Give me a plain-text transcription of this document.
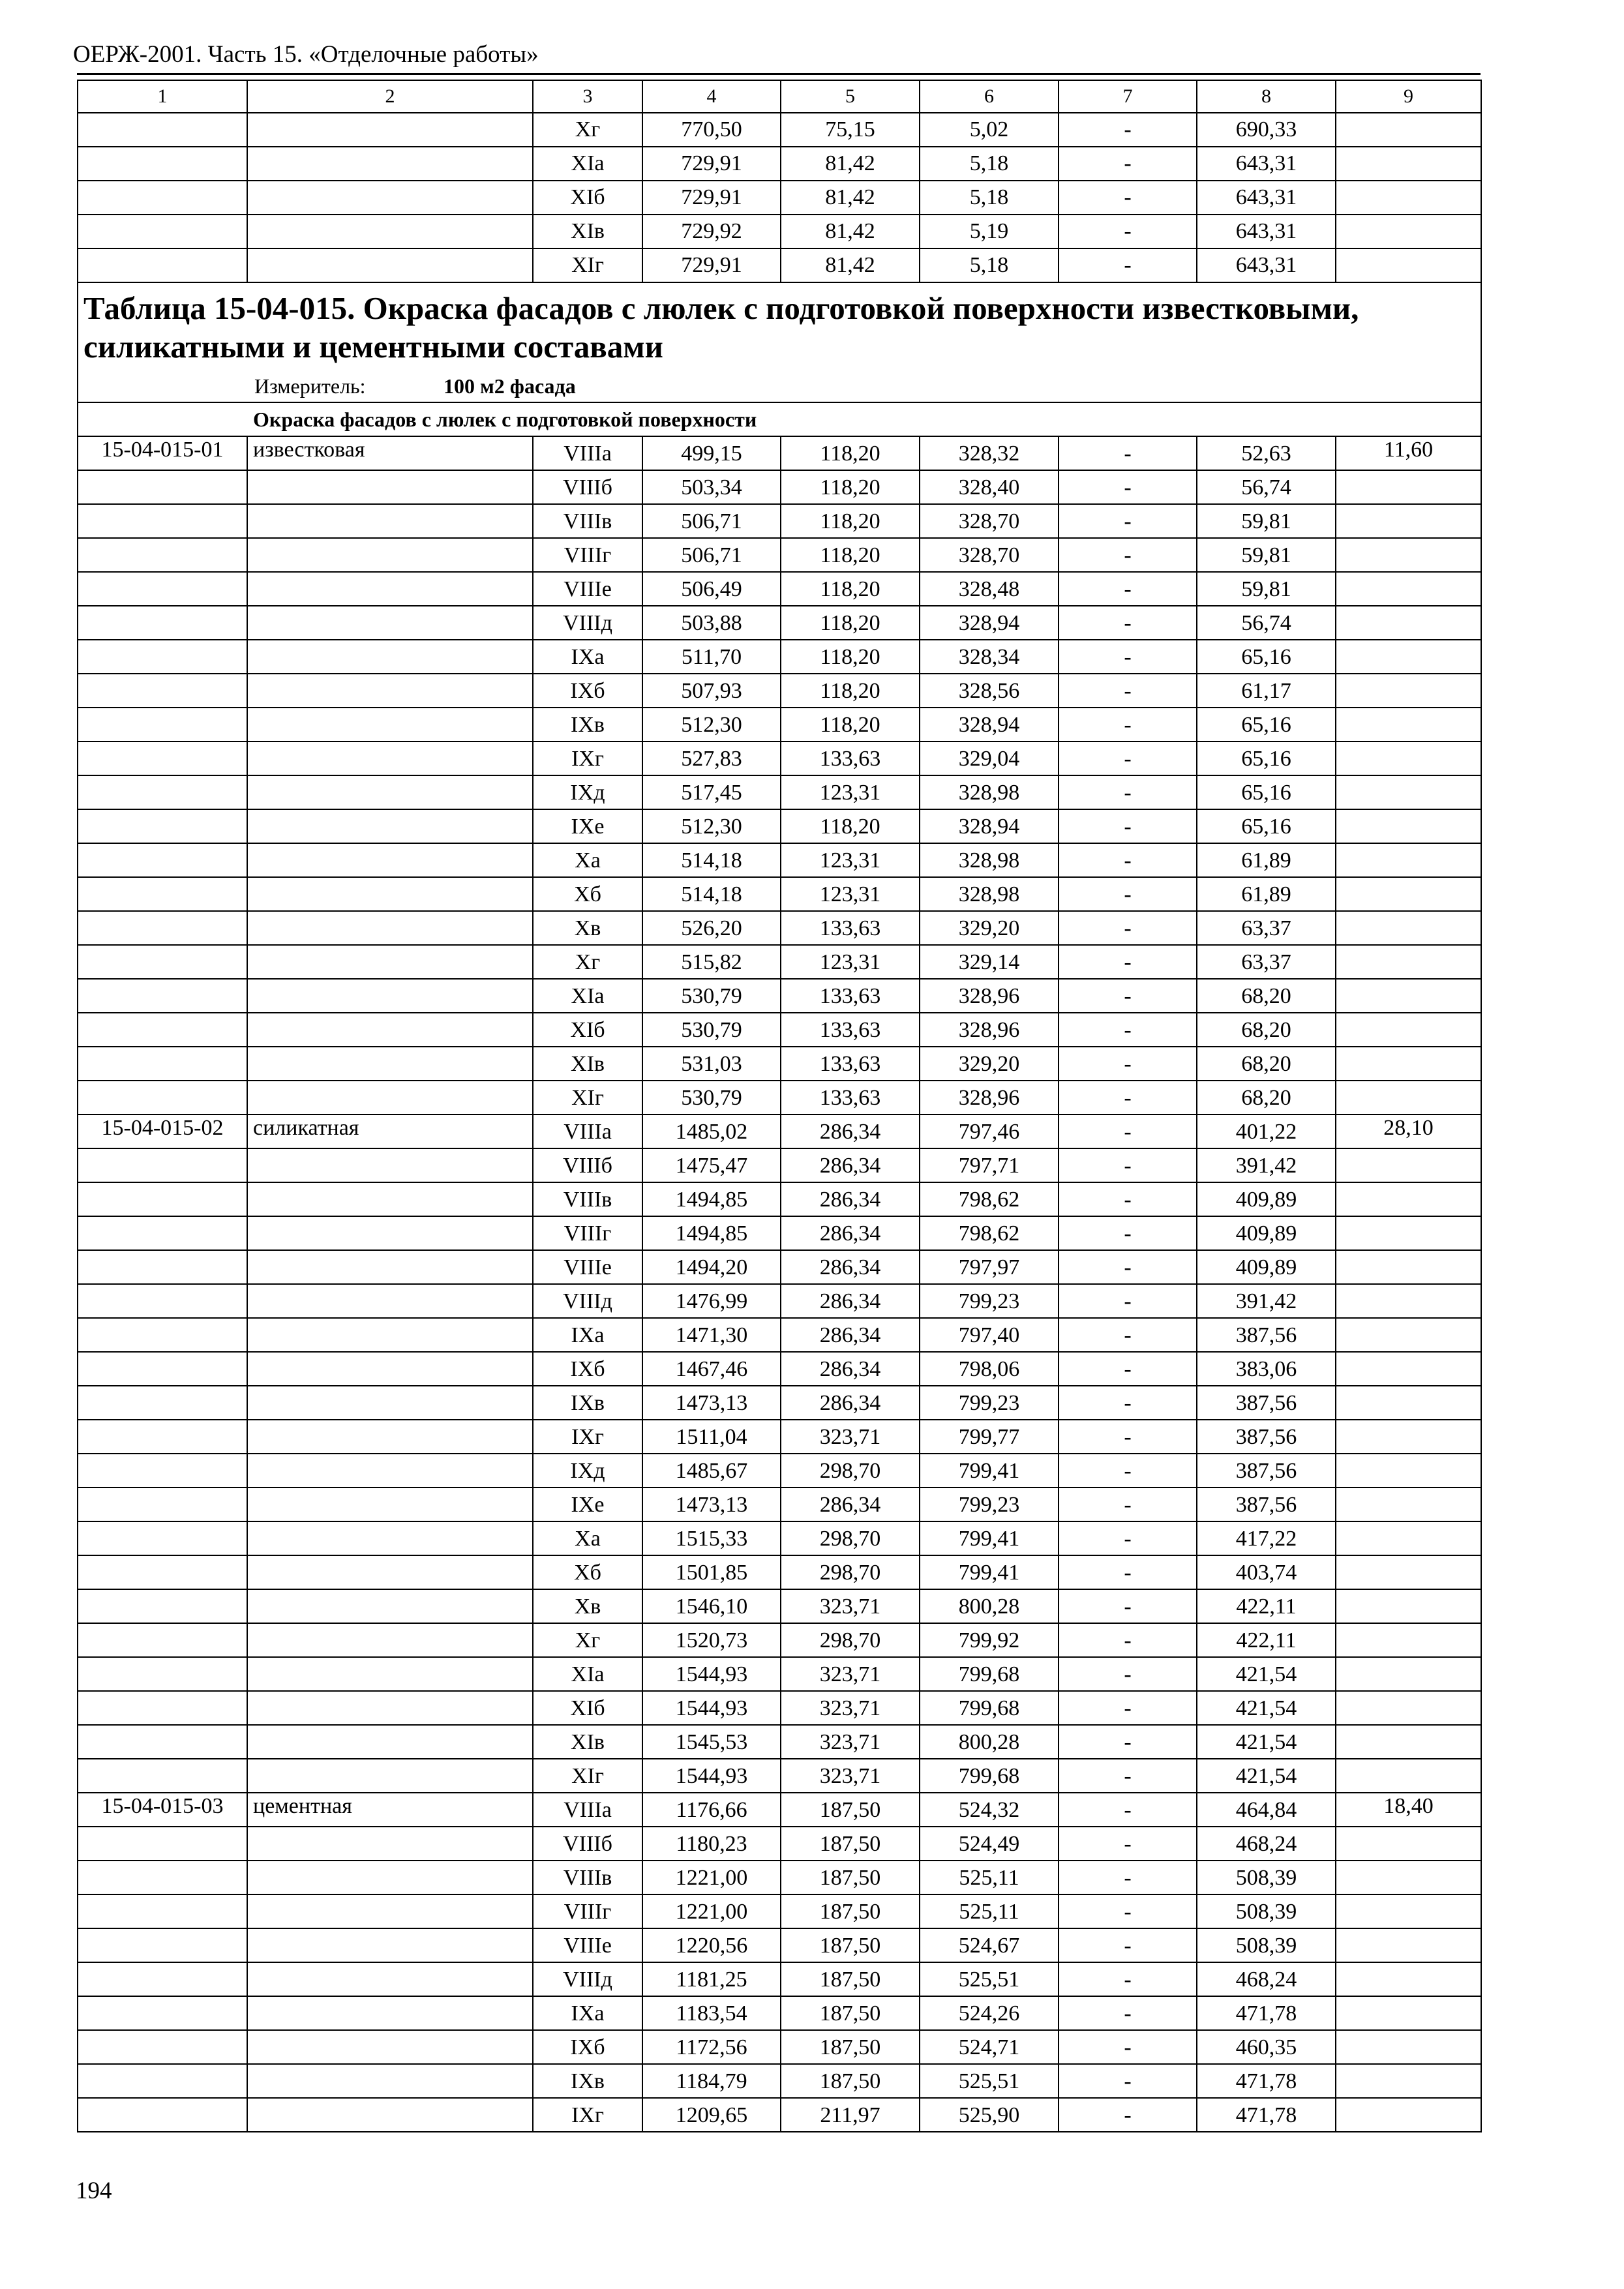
ОЕРЖ-2001. Часть 15. «Отделочные работы»
1	2	3	4	5	6	7	8	9
		Xг	770,50	75,15	5,02	-	690,33	
		XIа	729,91	81,42	5,18	-	643,31	
		XIб	729,91	81,42	5,18	-	643,31	
		XIв	729,92	81,42	5,19	-	643,31	
		XIг	729,91	81,42	5,18	-	643,31	

Таблица 15-04-015. Окраска фасадов с люлек с подготовкой поверхности известковыми, силикатными и цементными составами
Измеритель: 100 м2 фасада								

Окраска фасадов с люлек с подготовкой поверхности								
15-04-015-01	известковая	VIIIа	499,15	118,20	328,32	-	52,63	11,60
		VIIIб	503,34	118,20	328,40	-	56,74	
		VIIIв	506,71	118,20	328,70	-	59,81	
		VIIIг	506,71	118,20	328,70	-	59,81	
		VIIIе	506,49	118,20	328,48	-	59,81	
		VIIIд	503,88	118,20	328,94	-	56,74	
		IXа	511,70	118,20	328,34	-	65,16	
		IXб	507,93	118,20	328,56	-	61,17	
		IXв	512,30	118,20	328,94	-	65,16	
		IXг	527,83	133,63	329,04	-	65,16	
		IXд	517,45	123,31	328,98	-	65,16	
		IXе	512,30	118,20	328,94	-	65,16	
		Xа	514,18	123,31	328,98	-	61,89	
		Xб	514,18	123,31	328,98	-	61,89	
		Xв	526,20	133,63	329,20	-	63,37	
		Xг	515,82	123,31	329,14	-	63,37	
		XIа	530,79	133,63	328,96	-	68,20	
		XIб	530,79	133,63	328,96	-	68,20	
		XIв	531,03	133,63	329,20	-	68,20	
		XIг	530,79	133,63	328,96	-	68,20	
15-04-015-02	силикатная	VIIIа	1485,02	286,34	797,46	-	401,22	28,10
		VIIIб	1475,47	286,34	797,71	-	391,42	
		VIIIв	1494,85	286,34	798,62	-	409,89	
		VIIIг	1494,85	286,34	798,62	-	409,89	
		VIIIе	1494,20	286,34	797,97	-	409,89	
		VIIIд	1476,99	286,34	799,23	-	391,42	
		IXа	1471,30	286,34	797,40	-	387,56	
		IXб	1467,46	286,34	798,06	-	383,06	
		IXв	1473,13	286,34	799,23	-	387,56	
		IXг	1511,04	323,71	799,77	-	387,56	
		IXд	1485,67	298,70	799,41	-	387,56	
		IXе	1473,13	286,34	799,23	-	387,56	
		Xа	1515,33	298,70	799,41	-	417,22	
		Xб	1501,85	298,70	799,41	-	403,74	
		Xв	1546,10	323,71	800,28	-	422,11	
		Xг	1520,73	298,70	799,92	-	422,11	
		XIа	1544,93	323,71	799,68	-	421,54	
		XIб	1544,93	323,71	799,68	-	421,54	
		XIв	1545,53	323,71	800,28	-	421,54	
		XIг	1544,93	323,71	799,68	-	421,54	
15-04-015-03	цементная	VIIIа	1176,66	187,50	524,32	-	464,84	18,40
		VIIIб	1180,23	187,50	524,49	-	468,24	
		VIIIв	1221,00	187,50	525,11	-	508,39	
		VIIIг	1221,00	187,50	525,11	-	508,39	
		VIIIе	1220,56	187,50	524,67	-	508,39	
		VIIIд	1181,25	187,50	525,51	-	468,24	
		IXа	1183,54	187,50	524,26	-	471,78	
		IXб	1172,56	187,50	524,71	-	460,35	
		IXв	1184,79	187,50	525,51	-	471,78	
		IXг	1209,65	211,97	525,90	-	471,78	
194
